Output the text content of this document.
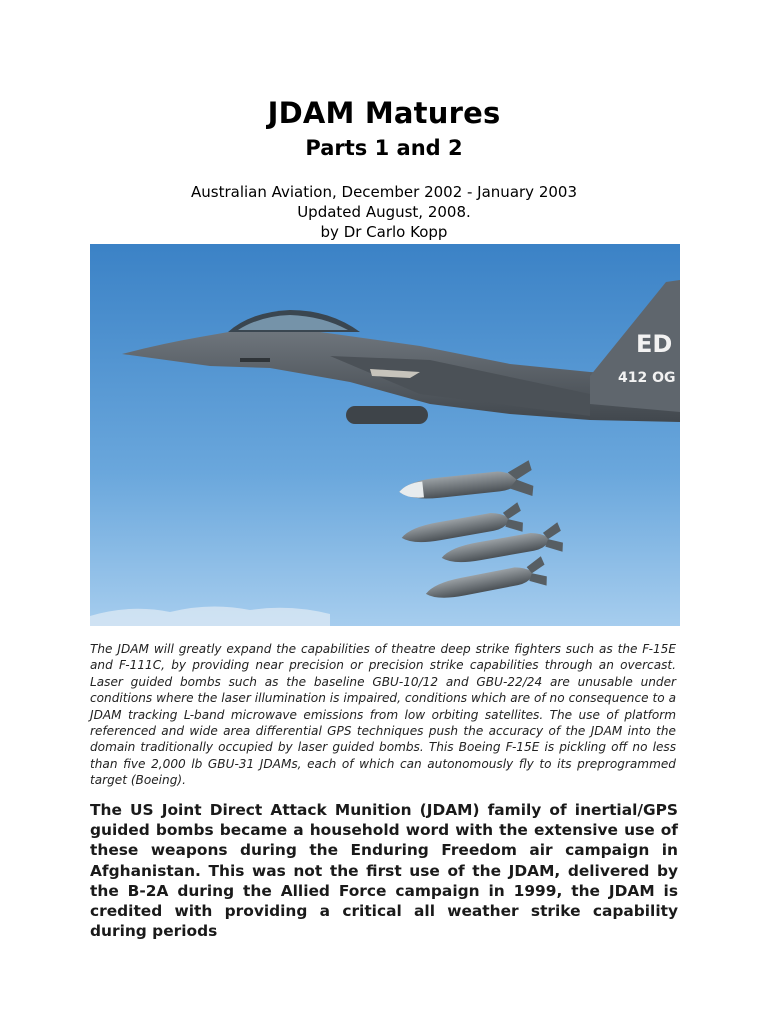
JDAM Matures
Parts 1 and 2
Australian Aviation, December 2002 - January 2003
Updated August, 2008.
by Dr Carlo Kopp
ED
412 OG

The JDAM will greatly expand the capabilities of theatre deep strike fighters such as the F-15E and F-111C, by providing near precision or precision strike capabilities through an overcast. Laser guided bombs such as the baseline GBU-10/12 and GBU-22/24 are unusable under conditions where the laser illumination is impaired, conditions which are of no consequence to a JDAM tracking L-band microwave emissions from low orbiting satellites. The use of platform referenced and wide area differential GPS techniques push the accuracy of the JDAM into the domain traditionally occupied by laser guided bombs. This Boeing F-15E is pickling off no less than five 2,000 lb GBU-31 JDAMs, each of which can autonomously fly to its preprogrammed target (Boeing).

The US Joint Direct Attack Munition (JDAM) family of inertial/GPS guided bombs became a household word with the extensive use of these weapons during the Enduring Freedom air campaign in Afghanistan. This was not the first use of the JDAM, delivered by the B-2A during the Allied Force campaign in 1999, the JDAM is credited with providing a critical all weather strike capability during periods
